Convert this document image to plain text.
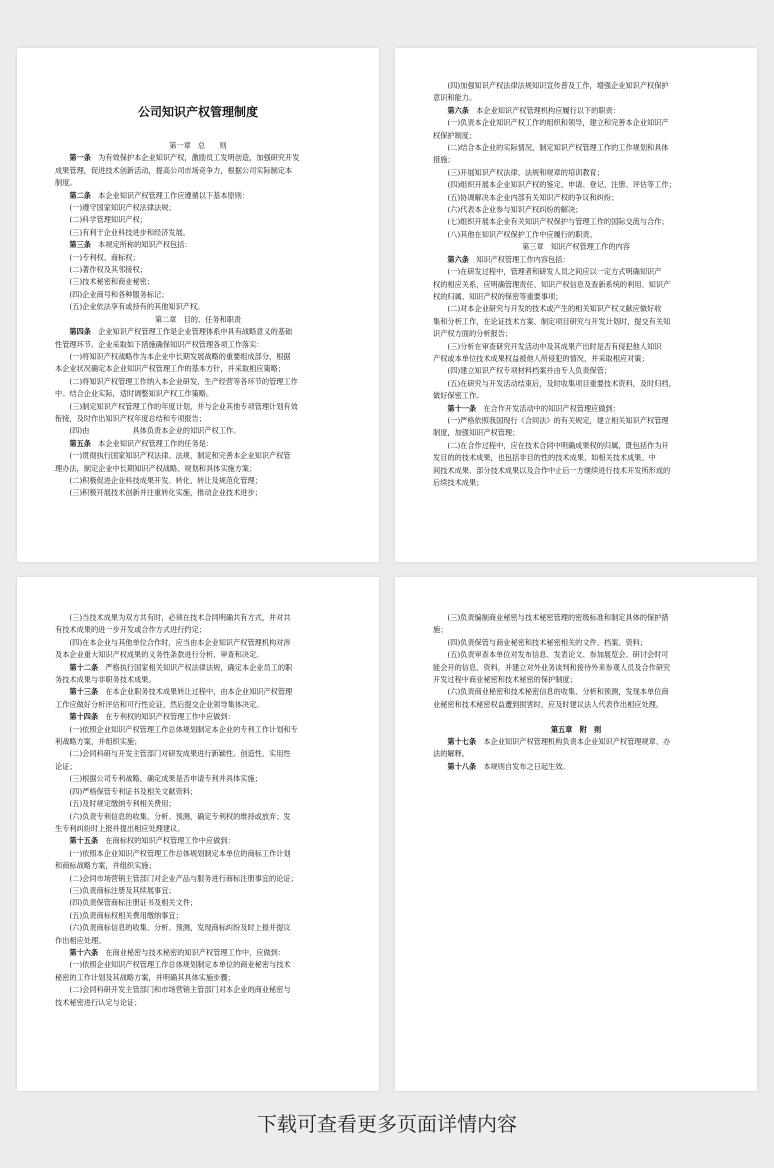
公司知识产权管理制度

第一章　总　　则

　　第一条　为有效保护本企业知识产权，激励员工发明创造，加强研究开发

成果管理，促进技术创新活动，提高公司市场竞争力，根据公司实际制定本

制度。

　　第二条　本企业知识产权管理工作应遵循以下基本原则：

　　(一)遵守国家知识产权法律法规；

　　(二)科学管理知识产权；

　　(三)有利于企业科技进步和经济发展。

　　第三条　本规定所称的知识产权包括：

　　(一)专利权、商标权；

　　(二)著作权及其邻接权；

　　(三)技术秘密和商业秘密；

　　(四)企业商号和各种服务标记；

　　(五)企业依法享有或持有的其他知识产权。

第二章　目的、任务和职责

　　第四条　企业知识产权管理工作是企业管理体系中具有战略意义的基础

性管理环节。企业采取如下措施确保知识产权管理各项工作落实：

　　(一)将知识产权战略作为本企业中长期发展战略的重要组成部分，根据

本企业状况确定本企业知识产权管理工作的基本方针，并采取相应策略；

　　(二)将知识产权管理工作纳入本企业研发、生产经营等各环节的管理工作

中。结合企业实际，适时调整知识产权工作策略。

　　(三)制定知识产权管理工作的年度计划，并与企业其他专项管理计划有效

衔接，及时作出知识产权年度总结和专项报告；

　　(四)由　　　　　　具体负责本企业的知识产权工作。

　　第五条　本企业知识产权管理工作的任务是：

　　(一)贯彻执行国家知识产权法律、法规，制定和完善本企业知识产权管

理办法，制定企业中长期知识产权战略、规划和具体实施方案；

　　(二)积极促进企业科技成果开发、转化、转让及规范化管理；

　　(三)积极开展技术创新并注重转化实施，推动企业技术进步；

　　(四)加强知识产权法律法规知识宣传普及工作，增强企业知识产权保护

意识和能力。

　　第六条　本企业知识产权管理机构应履行以下的职责：

　　(一)负责本企业知识产权工作的组织和领导，建立和完善本企业知识产

权保护制度；

　　(二)结合本企业的实际情况，制定知识产权管理工作的工作规划和具体

措施；

　　(三)开展知识产权法律、法规和规章的培训教育；

　　(四)组织开展本企业知识产权的鉴定、申请、登记、注册、评估等工作；

　　(五)协调解决本企业内部有关知识产权的争议和纠纷；

　　(六)代表本企业参与知识产权纠纷的解决；

　　(七)组织开展本企业有关知识产权保护与管理工作的国际交流与合作；

　　(八)其他在知识产权保护工作中应履行的职责。

第三章　知识产权管理工作的内容

　　第六条　知识产权管理工作内容包括：

　　(一)在研发过程中，管理者和研发人员之间应以一定方式明确知识产

权的相应关系，应明确管理责任、知识产权信息及查新系统的利用、知识产

权的归属、知识产权的保密等重要事项；

　　(二)对本企业研究与开发的技术或产生的相关知识产权文献应做好收

集和分析工作，在论证技术方案、制定项目研究与开发计划时，提交有关知

识产权方面的分析报告；

　　(三)分析在审查研究开发活动中及其成果产出时是否有侵犯他人知识

产权或本单位技术成果权益被他人所侵犯的情况，并采取相应对策；

　　(四)建立知识产权专项材料档案并由专人负责保管；

　　(五)在研究与开发活动结束后，及时收集项目重要技术资料，及时归档，

做好保密工作。

　　第十一条　在合作开发活动中的知识产权管理应做到：

　　(一)严格依照我国现行《合同法》的有关规定，建立相关知识产权管理

制度，加强知识产权管理；

　　(二)在合作过程中，应在技术合同中明确成果权的归属，既包括作为开

发目的的技术成果，也包括非目的性的技术成果，如相关技术成果、中

间技术成果、部分技术成果以及合作中止后一方继续进行技术开发所形成的

后续技术成果；

　　(三)当技术成果为双方共有时，必须在技术合同明确共有方式，并对共

有技术成果的进一步开发或合作方式进行约定；

　　(四)在本企业与其他单位合作时，应当由本企业知识产权管理机构对涉

及本企业重大知识产权成果的义务性条款进行分析、审查和决定。

　　第十二条　严格执行国家相关知识产权法律法规，确定本企业员工的职

务技术成果与非职务技术成果。

　　第十三条　在本企业职务技术成果转让过程中，由本企业知识产权管理

工作应做好分析评估和可行性论证，然后提交企业领导集体决定。

　　第十四条　在专利权的知识产权管理工作中应做到：

　　(一)依照企业知识产权管理工作总体规划制定本企业的专利工作计划和专

利战略方案，并组织实施；

　　(二)会同科研与开发主管部门对研发成果进行新颖性、创造性、实用性

论证；

　　(三)根据公司专利战略，确定成果是否申请专利并具体实施；

　　(四)严格保管专利证书及相关文献资料；

　　(五)及时规定缴纳专利相关费用；

　　(六)负责专利信息的收集、分析、预测，确定专利权的维持或放弃；发

生专利纠纷时上报并提出相应处理建议。

　　第十五条　在商标权的知识产权管理工作中应做到：

　　(一)依照本企业知识产权管理工作总体规划制定本单位的商标工作计划

和商标战略方案，并组织实施；

　　(二)会同市场营销主管部门对企业产品与服务进行商标注册事宜的论证；

　　(三)负责商标注册及其续展事宜；

　　(四)负责保管商标注册证书及相关文件；

　　(五)负责商标权相关费用缴纳事宜；

　　(六)负责商标信息的收集、分析、预测，发现商标纠纷及时上报并提议

作出相应处理。

　　第十六条　在商业秘密与技术秘密的知识产权管理工作中，应做到：

　　(一)依照企业知识产权管理工作总体规划制定本单位的商业秘密与技术

秘密的工作计划及其战略方案，并明确其具体实施步骤；

　　(二)会同科研开发主管部门和市场营销主管部门对本企业的商业秘密与

技术秘密进行认定与论证；

　　(三)负责编制商业秘密与技术秘密管理的密级标准和制定具体的保护措

施；

　　(四)负责保管与商业秘密和技术秘密相关的文件、档案、资料；

　　(五)负责审查本单位对发布信息、发表论文、参加展览会、研讨会时可

能会开的信息、资料，并建立对外业务谈判和接待外来参观人员及合作研究

开发过程中商业秘密和技术秘密的保护制度；

　　(六)负责商业秘密和技术秘密信息的收集、分析和预测，发现本单位商

业秘密和技术秘密权益遭到损害时，应及时建议法人代表作出相应处理。

第五章　附　则

　　第十七条　本企业知识产权管理机构负责本企业知识产权管理规章、办

法的解释。

　　第十八条　本规则自发布之日起生效。

下载可查看更多页面详情内容
